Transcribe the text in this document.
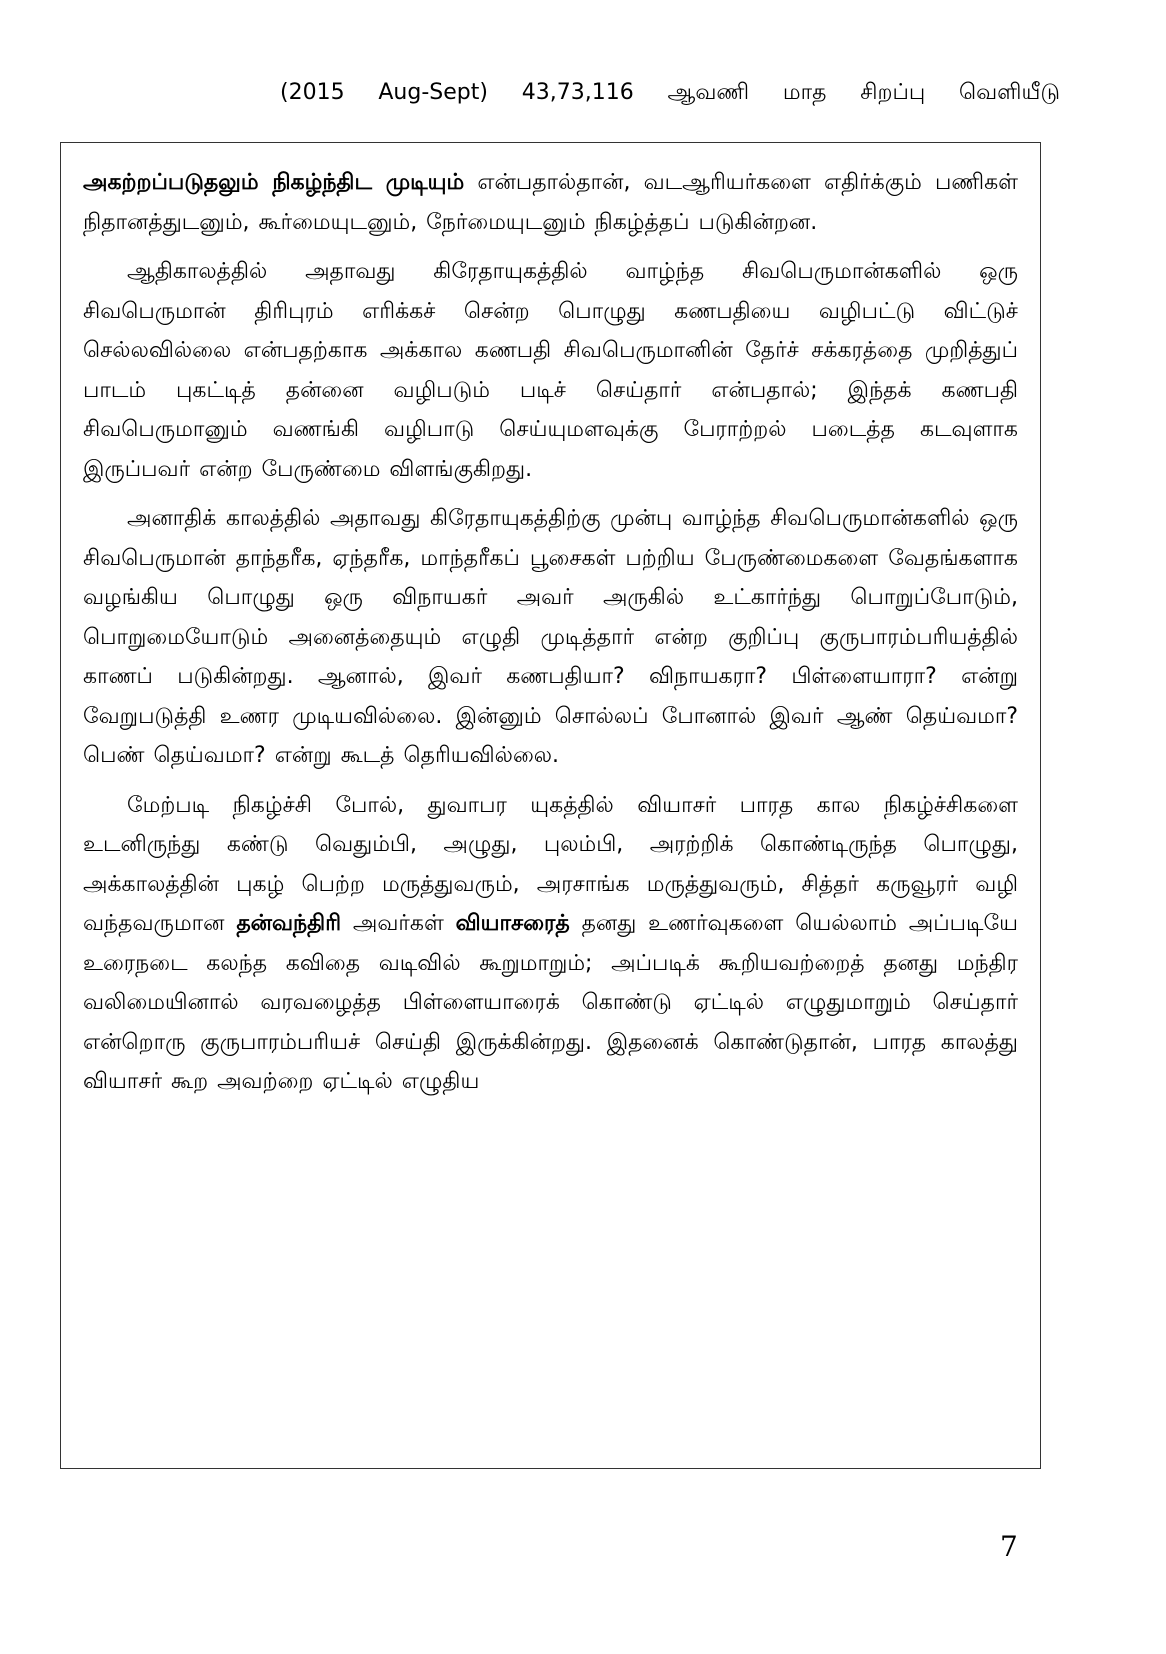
(2015 Aug-Sept) 43,73,116 ஆவணி மாத சிறப்பு வெளியீடு

அகற்றப்படுதலும் நிகழ்ந்திட முடியும் என்பதால்தான், வடஆரியர்களை எதிர்க்கும் பணிகள் நிதானத்துடனும், கூர்மையுடனும், நேர்மையுடனும் நிகழ்த்தப் படுகின்றன.

ஆதிகாலத்தில் அதாவது கிரேதாயுகத்தில் வாழ்ந்த சிவபெருமான்களில் ஒரு சிவபெருமான் திரிபுரம் எரிக்கச் சென்ற பொழுது கணபதியை வழிபட்டு விட்டுச் செல்லவில்லை என்பதற்காக அக்கால கணபதி சிவபெருமானின் தேர்ச் சக்கரத்தை முறித்துப் பாடம் புகட்டித் தன்னை வழிபடும் படிச் செய்தார் என்பதால்; இந்தக் கணபதி சிவபெருமானும் வணங்கி வழிபாடு செய்யுமளவுக்கு பேராற்றல் படைத்த கடவுளாக இருப்பவர் என்ற பேருண்மை விளங்குகிறது.

அனாதிக் காலத்தில் அதாவது கிரேதாயுகத்திற்கு முன்பு வாழ்ந்த சிவபெருமான்களில் ஒரு சிவபெருமான் தாந்தரீக, ஏந்தரீக, மாந்தரீகப் பூசைகள் பற்றிய பேருண்மைகளை வேதங்களாக வழங்கிய பொழுது ஒரு விநாயகர் அவர் அருகில் உட்கார்ந்து பொறுப்போடும், பொறுமையோடும் அனைத்தையும் எழுதி முடித்தார் என்ற குறிப்பு குருபாரம்பரியத்தில் காணப் படுகின்றது. ஆனால், இவர் கணபதியா? விநாயகரா? பிள்ளையாரா? என்று வேறுபடுத்தி உணர முடியவில்லை. இன்னும் சொல்லப் போனால் இவர் ஆண் தெய்வமா? பெண் தெய்வமா? என்று கூடத் தெரியவில்லை.

மேற்படி நிகழ்ச்சி போல், துவாபர யுகத்தில் வியாசர் பாரத கால நிகழ்ச்சிகளை உடனிருந்து கண்டு வெதும்பி, அழுது, புலம்பி, அரற்றிக் கொண்டிருந்த பொழுது, அக்காலத்தின் புகழ் பெற்ற மருத்துவரும், அரசாங்க மருத்துவரும், சித்தர் கருவூரர் வழி வந்தவருமான தன்வந்திரி அவர்கள் வியாசரைத் தனது உணர்வுகளை யெல்லாம் அப்படியே உரைநடை கலந்த கவிதை வடிவில் கூறுமாறும்; அப்படிக் கூறியவற்றைத் தனது மந்திர வலிமையினால் வரவழைத்த பிள்ளையாரைக் கொண்டு ஏட்டில் எழுதுமாறும் செய்தார் என்றொரு குருபாரம்பரியச் செய்தி இருக்கின்றது. இதனைக் கொண்டுதான், பாரத காலத்து வியாசர் கூற அவற்றை ஏட்டில் எழுதிய

7
